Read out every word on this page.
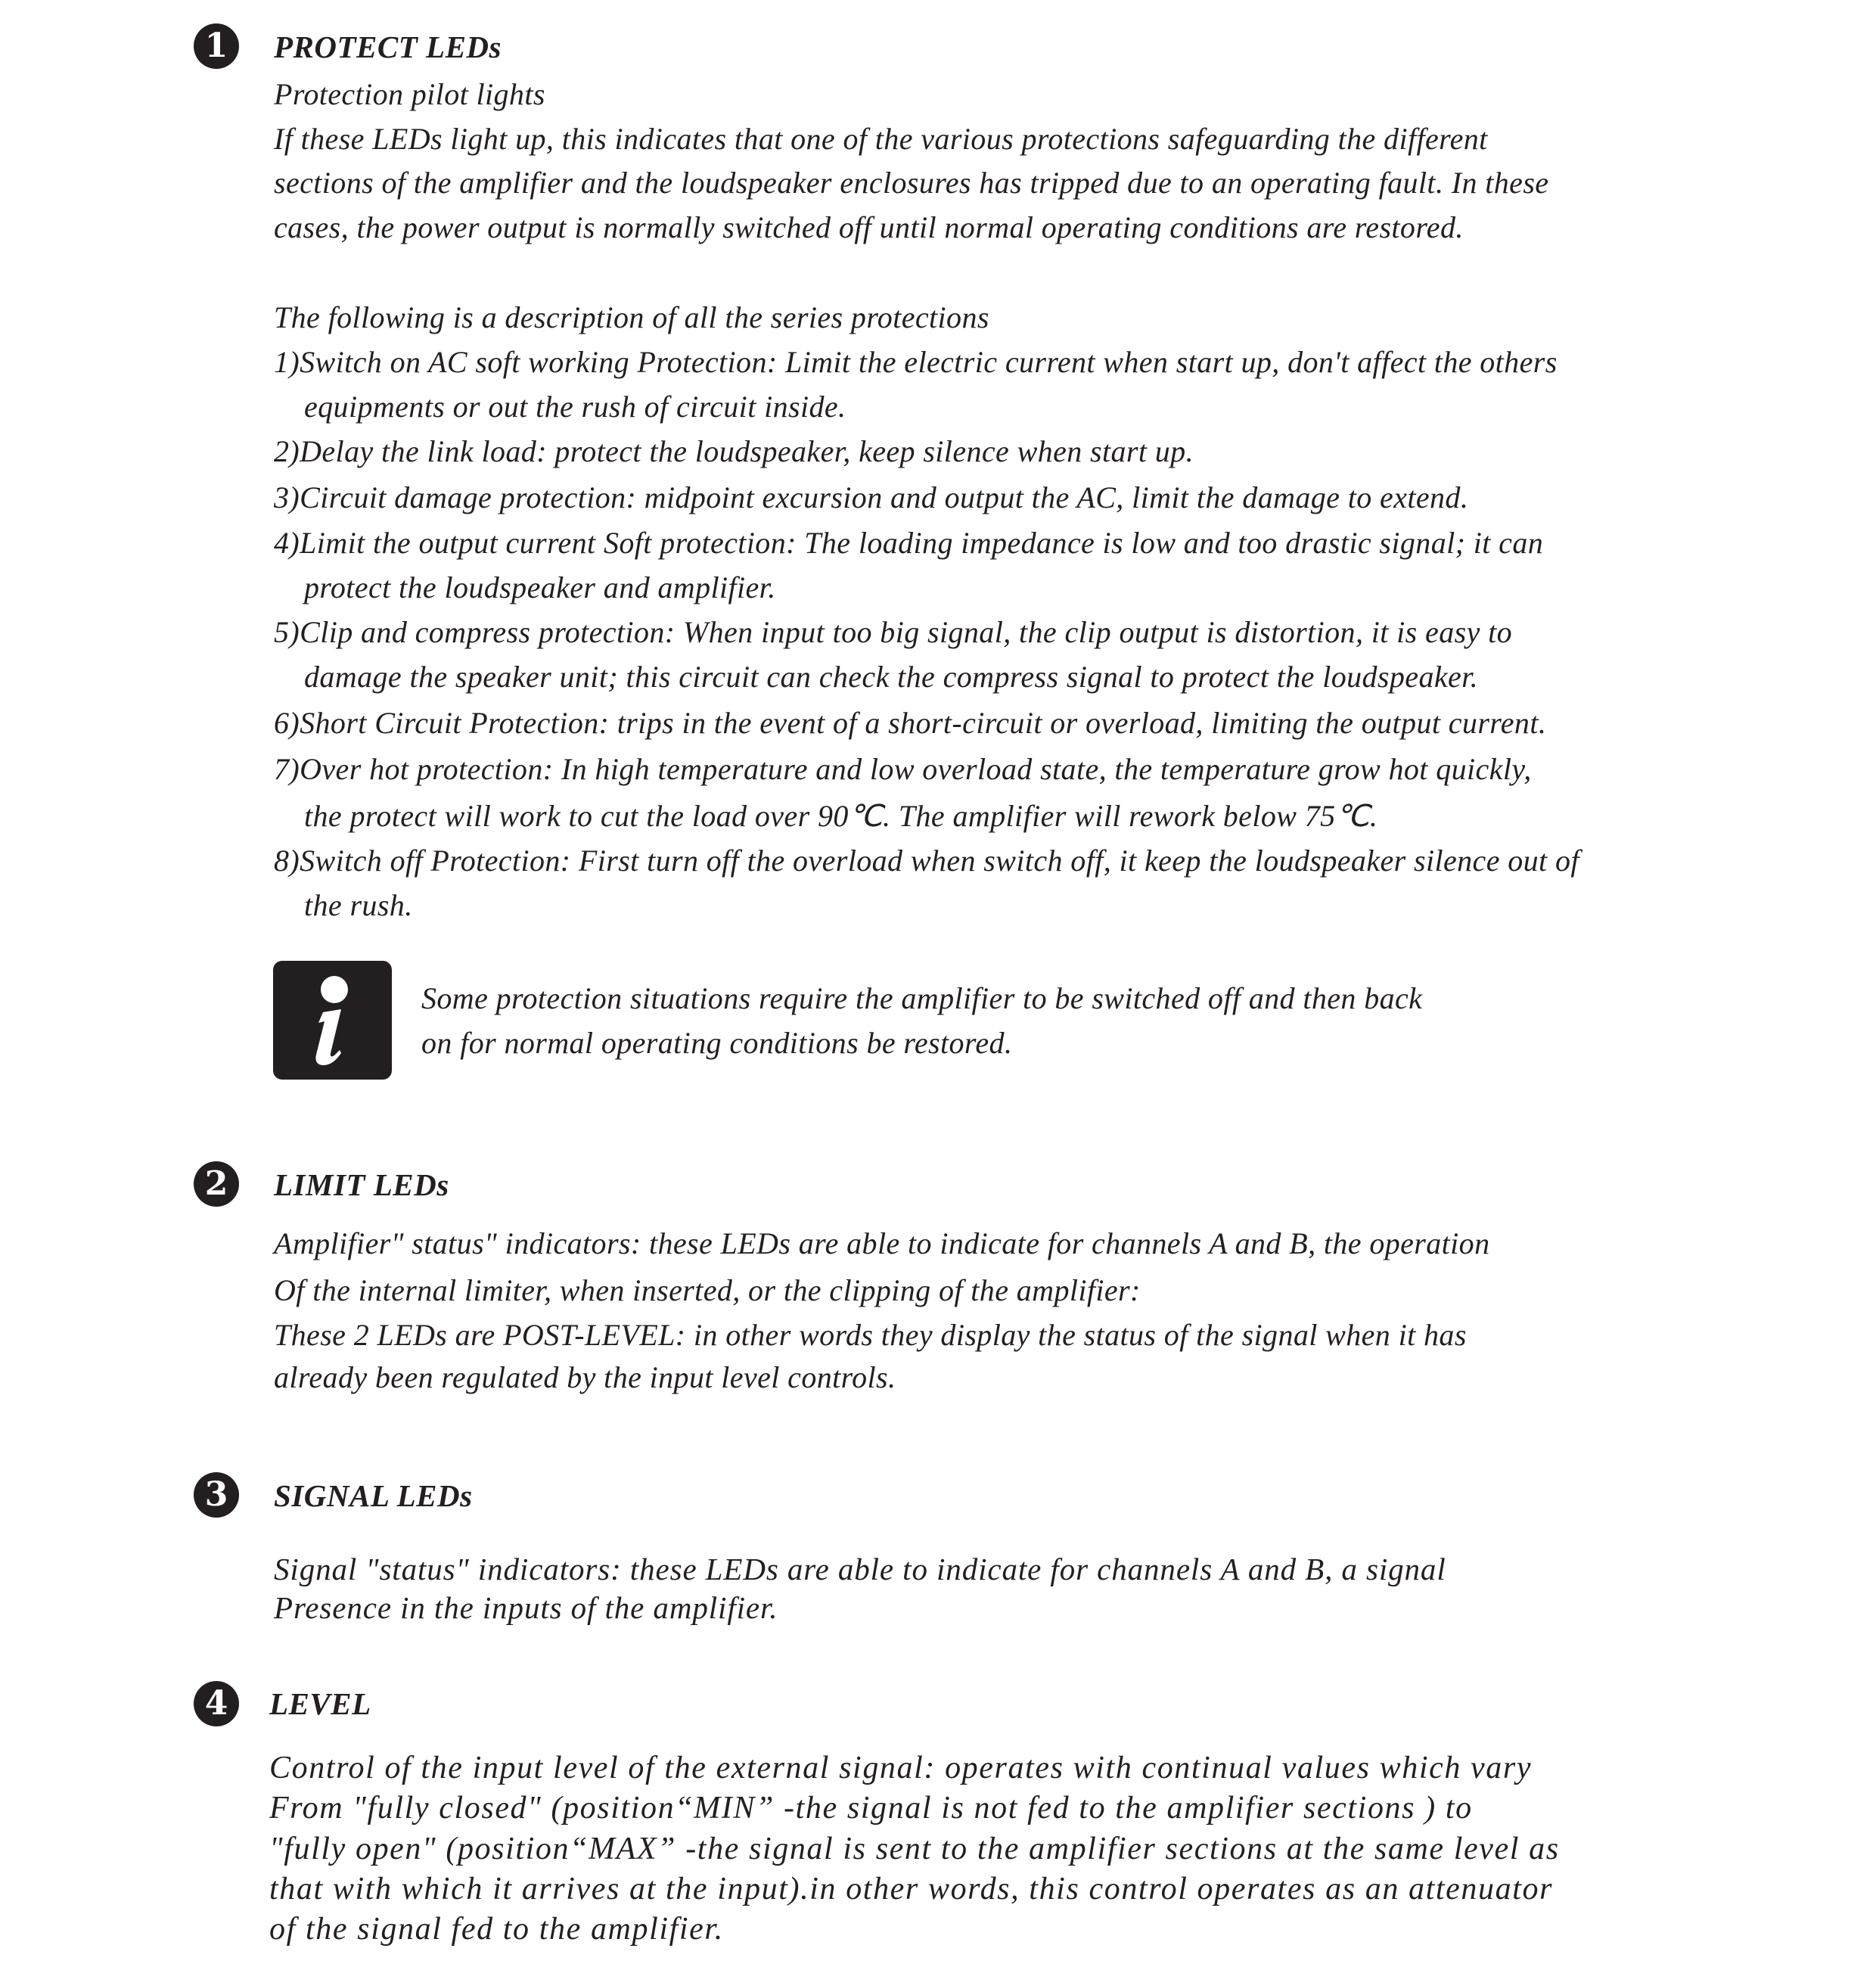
1	PROTECT LEDs
Protection pilot lights
If these LEDs light up, this indicates that one of the various protections safeguarding the different
sections of the amplifier and the loudspeaker enclosures has tripped due to an operating fault. In these
cases, the power output is normally switched off until normal operating conditions are restored.
The following is a description of all the series protections
1)Switch on AC soft working Protection: Limit the electric current when start up, don't affect the others
equipments or out the rush of circuit inside.
2)Delay the link load: protect the loudspeaker, keep silence when start up.
3)Circuit damage protection: midpoint excursion and output the AC, limit the damage to extend.
4)Limit the output current Soft protection: The loading impedance is low and too drastic signal; it can
protect the loudspeaker and amplifier.
5)Clip and compress protection: When input too big signal, the clip output is distortion, it is easy to
damage the speaker unit; this circuit can check the compress signal to protect the loudspeaker.
6)Short Circuit Protection: trips in the event of a short-circuit or overload, limiting the output current.
7)Over hot protection: In high temperature and low overload state, the temperature grow hot quickly,
the protect will work to cut the load over 90℃. The amplifier will rework below 75℃.
8)Switch off Protection: First turn off the overload when switch off, it keep the loudspeaker silence out of
the rush.
Some protection situations require the amplifier to be switched off and then back
on for normal operating conditions be restored.
2	LIMIT LEDs
Amplifier" status" indicators: these LEDs are able to indicate for channels A and B, the operation
Of the internal limiter, when inserted, or the clipping of the amplifier:
These 2 LEDs are POST-LEVEL: in other words they display the status of the signal when it has
already been regulated by the input level controls.
3	SIGNAL LEDs
Signal "status" indicators: these LEDs are able to indicate for channels A and B, a signal
Presence in the inputs of the amplifier.
4	LEVEL
Control of the input level of the external signal: operates with continual values which vary
From "fully closed" (position“MIN” -the signal is not fed to the amplifier sections ) to
"fully open" (position“MAX” -the signal is sent to the amplifier sections at the same level as
that with which it arrives at the input).in other words, this control operates as an attenuator
of the signal fed to the amplifier.
